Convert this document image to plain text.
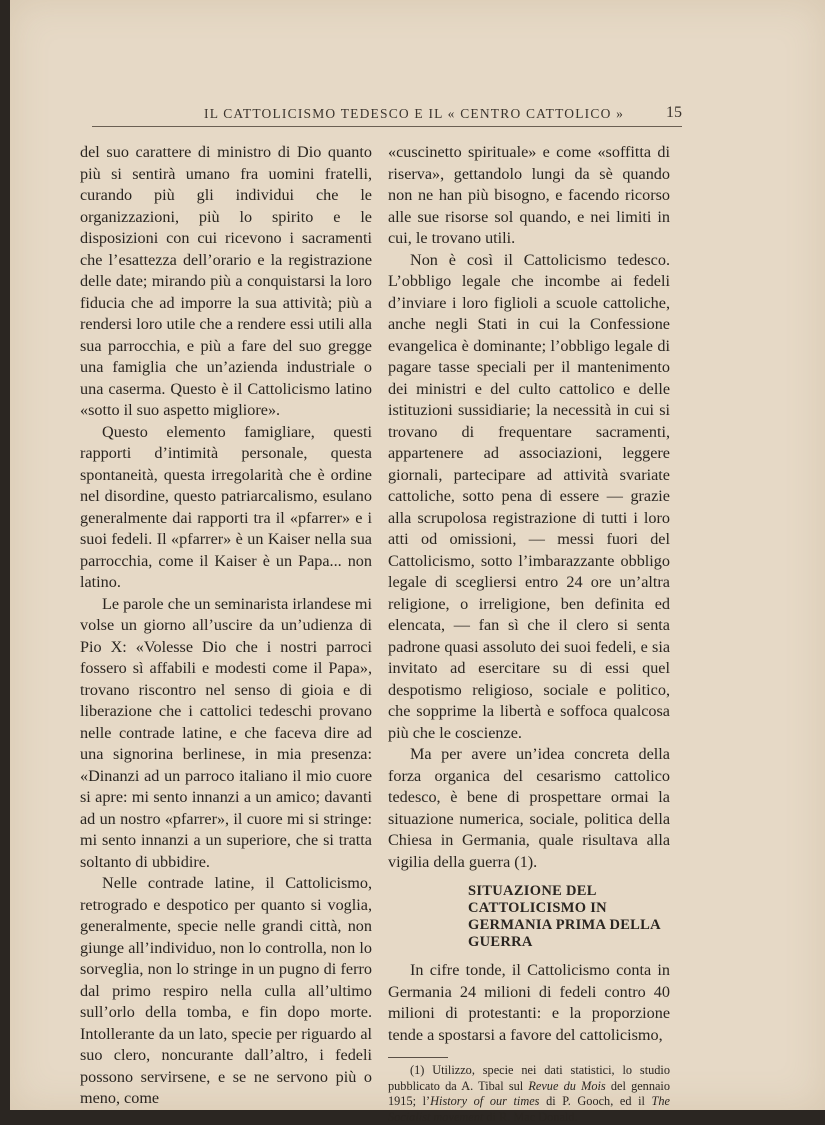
IL CATTOLICISMO TEDESCO E IL « CENTRO CATTOLICO »	15

del suo carattere di ministro di Dio quanto più si sentirà umano fra uomini fratelli, curando più gli individui che le organizzazioni, più lo spirito e le disposizioni con cui ricevono i sacramenti che l’esattezza dell’orario e la registrazione delle date; mirando più a conquistarsi la loro fiducia che ad imporre la sua attività; più a rendersi loro utile che a rendere essi utili alla sua parrocchia, e più a fare del suo gregge una famiglia che un’azienda industriale o una caserma. Questo è il Cattolicismo latino «sotto il suo aspetto migliore».

Questo elemento famigliare, questi rapporti d’intimità personale, questa spontaneità, questa irregolarità che è ordine nel disordine, questo patriarcalismo, esulano generalmente dai rapporti tra il «pfarrer» e i suoi fedeli. Il «pfarrer» è un Kaiser nella sua parrocchia, come il Kaiser è un Papa... non latino.

Le parole che un seminarista irlandese mi volse un giorno all’uscire da un’udienza di Pio X: «Volesse Dio che i nostri parroci fossero sì affabili e modesti come il Papa», trovano riscontro nel senso di gioia e di liberazione che i cattolici tedeschi provano nelle contrade latine, e che faceva dire ad una signorina berlinese, in mia presenza: «Dinanzi ad un parroco italiano il mio cuore si apre: mi sento innanzi a un amico; davanti ad un nostro «pfarrer», il cuore mi si stringe: mi sento innanzi a un superiore, che si tratta soltanto di ubbidire.

Nelle contrade latine, il Cattolicismo, retrogrado e despotico per quanto si voglia, generalmente, specie nelle grandi città, non giunge all’individuo, non lo controlla, non lo sorveglia, non lo stringe in un pugno di ferro dal primo respiro nella culla all’ultimo sull’orlo della tomba, e fin dopo morte. Intollerante da un lato, specie per riguardo al suo clero, noncurante dall’altro, i fedeli possono servirsene, e se ne servono più o meno, come

«cuscinetto spirituale» e come «soffitta di riserva», gettandolo lungi da sè quando non ne han più bisogno, e facendo ricorso alle sue risorse sol quando, e nei limiti in cui, le trovano utili.

Non è così il Cattolicismo tedesco. L’obbligo legale che incombe ai fedeli d’inviare i loro figlioli a scuole cattoliche, anche negli Stati in cui la Confessione evangelica è dominante; l’obbligo legale di pagare tasse speciali per il mantenimento dei ministri e del culto cattolico e delle istituzioni sussidiarie; la necessità in cui si trovano di frequentare sacramenti, appartenere ad associazioni, leggere giornali, partecipare ad attività svariate cattoliche, sotto pena di essere — grazie alla scrupolosa registrazione di tutti i loro atti od omissioni, — messi fuori del Cattolicismo, sotto l’imbarazzante obbligo legale di scegliersi entro 24 ore un’altra religione, o irreligione, ben definita ed elencata, — fan sì che il clero si senta padrone quasi assoluto dei suoi fedeli, e sia invitato ad esercitare su di essi quel despotismo religioso, sociale e politico, che sopprime la libertà e soffoca qualcosa più che le coscienze.

Ma per avere un’idea concreta della forza organica del cesarismo cattolico tedesco, è bene di prospettare ormai la situazione numerica, sociale, politica della Chiesa in Germania, quale risultava alla vigilia della guerra (1).

SITUAZIONE DEL CATTOLICISMO IN GERMANIA PRIMA DELLA GUERRA

In cifre tonde, il Cattolicismo conta in Germania 24 milioni di fedeli contro 40 milioni di protestanti: e la proporzione tende a spostarsi a favore del cattolicismo,

(1) Utilizzo, specie nei dati statistici, lo studio pubblicato da A. Tibal sul Revue du Mois del gennaio 1915; l’History of our times di P. Gooch, ed il The Socialist movement di R. Mac Donald.
